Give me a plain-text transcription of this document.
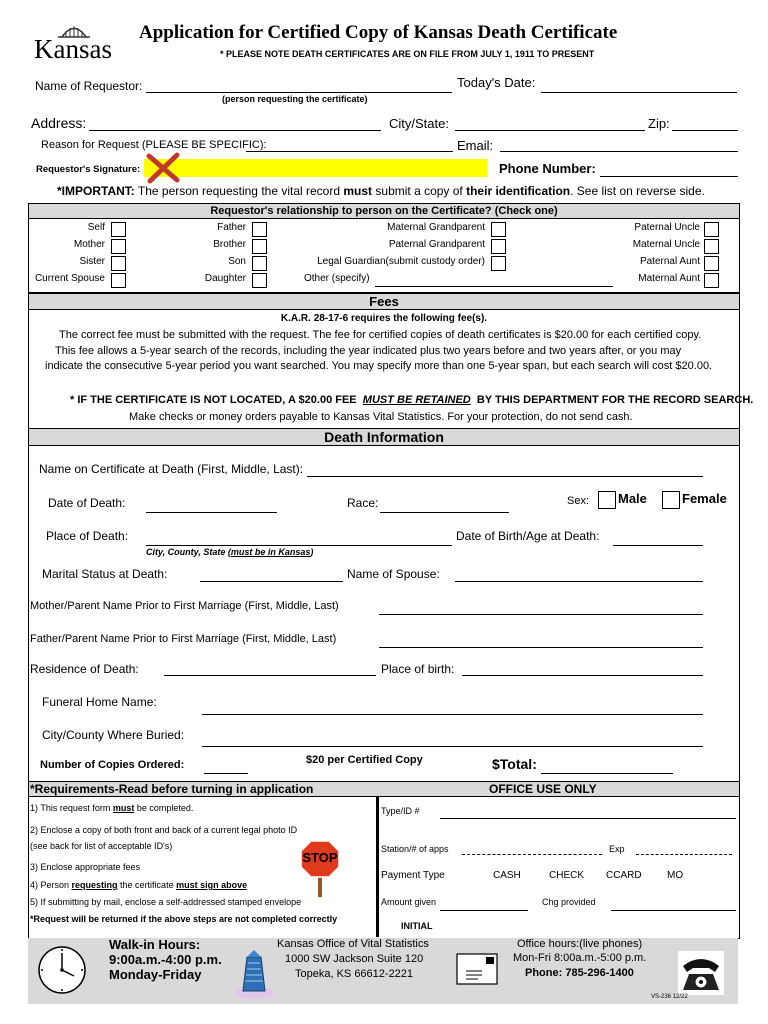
Kansas
Application for Certified Copy of Kansas Death Certificate
* PLEASE NOTE DEATH CERTIFICATES ARE ON FILE FROM JULY 1, 1911 TO PRESENT
Name of Requestor:
(person requesting the certificate)
Today's Date:
Address:	City/State:	Zip:
Reason for Request (PLEASE BE SPECIFIC):	Email:
Requestor's Signature:	Phone Number:
*IMPORTANT: The person requesting the vital record must submit a copy of their identification. See list on reverse side.
Requestor's relationship to person on the Certificate? (Check one)
Self
Mother
Sister
Current Spouse
Father
Brother
Son
Daughter
Maternal Grandparent
Paternal Grandparent
Legal Guardian(submit custody order)
Other (specify)
Paternal Uncle
Maternal Uncle
Paternal Aunt
Maternal Aunt
Fees
K.A.R. 28-17-6 requires the following fee(s).
The correct fee must be submitted with the request. The fee for certified copies of death certificates is $20.00 for each certified copy.
This fee allows a 5-year search of the records, including the year indicated plus two years before and two years after, or you may
indicate the consecutive 5-year period you want searched. You may specify more than one 5-year span, but each search will cost $20.00.
* IF THE CERTIFICATE IS NOT LOCATED, A $20.00 FEE MUST BE RETAINED BY THIS DEPARTMENT FOR THE RECORD SEARCH.
Make checks or money orders payable to Kansas Vital Statistics. For your protection, do not send cash.
Death Information
Name on Certificate at Death (First, Middle, Last):
Date of Death:	Race:	Sex: Male	Female
Place of Death:
City, County, State (must be in Kansas)
Date of Birth/Age at Death:
Marital Status at Death:	Name of Spouse:
Mother/Parent Name Prior to First Marriage (First, Middle, Last)
Father/Parent Name Prior to First Marriage (First, Middle, Last)
Residence of Death:	Place of birth:
Funeral Home Name:
City/County Where Buried:
Number of Copies Ordered:	$20 per Certified Copy	$Total:
*Requirements-Read before turning in application	OFFICE USE ONLY
1) This request form must be completed.
2) Enclose a copy of both front and back of a current legal photo ID
(see back for list of acceptable ID's)
3) Enclose appropriate fees
4) Person requesting the certificate must sign above
5) If submitting by mail, enclose a self-addressed stamped envelope
*Request will be returned if the above steps are not completed correctly
STOP
Type/ID #
Station/# of apps	Exp
Payment Type	CASH	CHECK CCARD	MO
Amount given	Chg provided
INITIAL
Walk-in Hours:
9:00a.m.-4:00 p.m.
Monday-Friday
Kansas Office of Vital Statistics
1000 SW Jackson Suite 120
Topeka, KS 66612-2221
Office hours:(live phones)
Mon-Fri 8:00a.m.-5:00 p.m.
Phone: 785-296-1400
VS-236 12/22
